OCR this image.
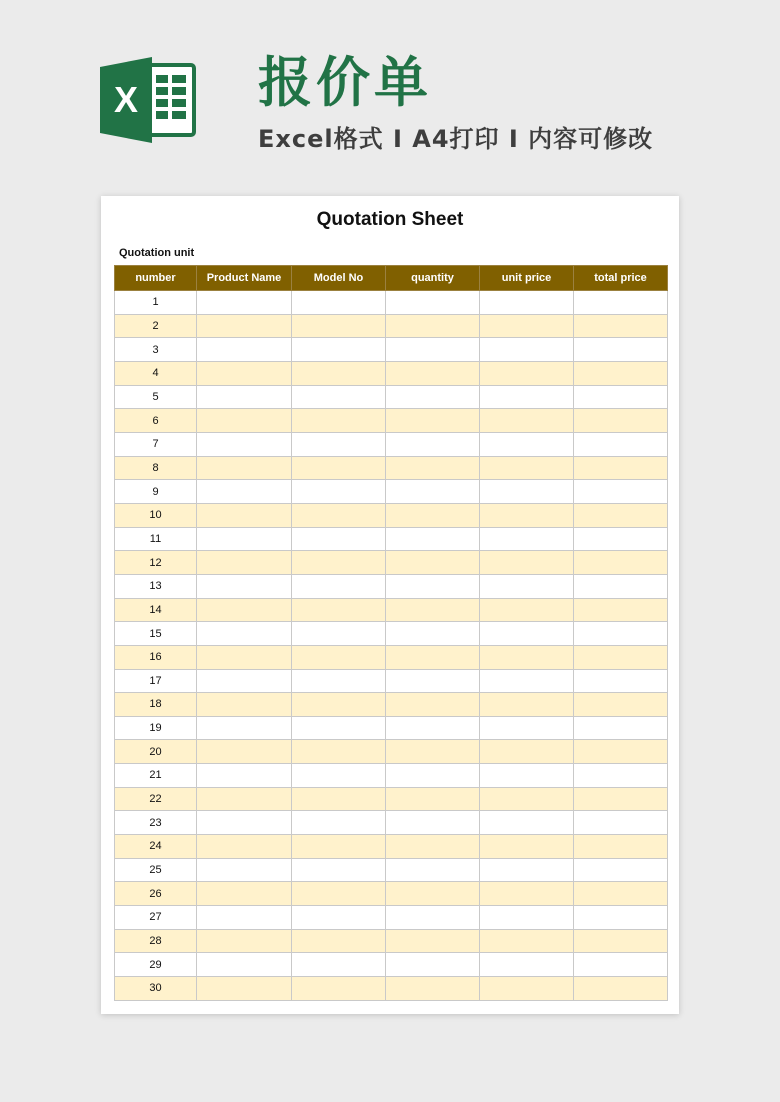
X 报价单
Excel格式 I A4打印 I 内容可修改
Quotation Sheet
Quotation unit
number	Product Name	Model No	quantity	unit price	total price
1					
2					
3					
4					
5					
6					
7					
8					
9					
10					
11					
12					
13					
14					
15					
16					
17					
18					
19					
20					
21					
22					
23					
24					
25					
26					
27					
28					
29					
30					
